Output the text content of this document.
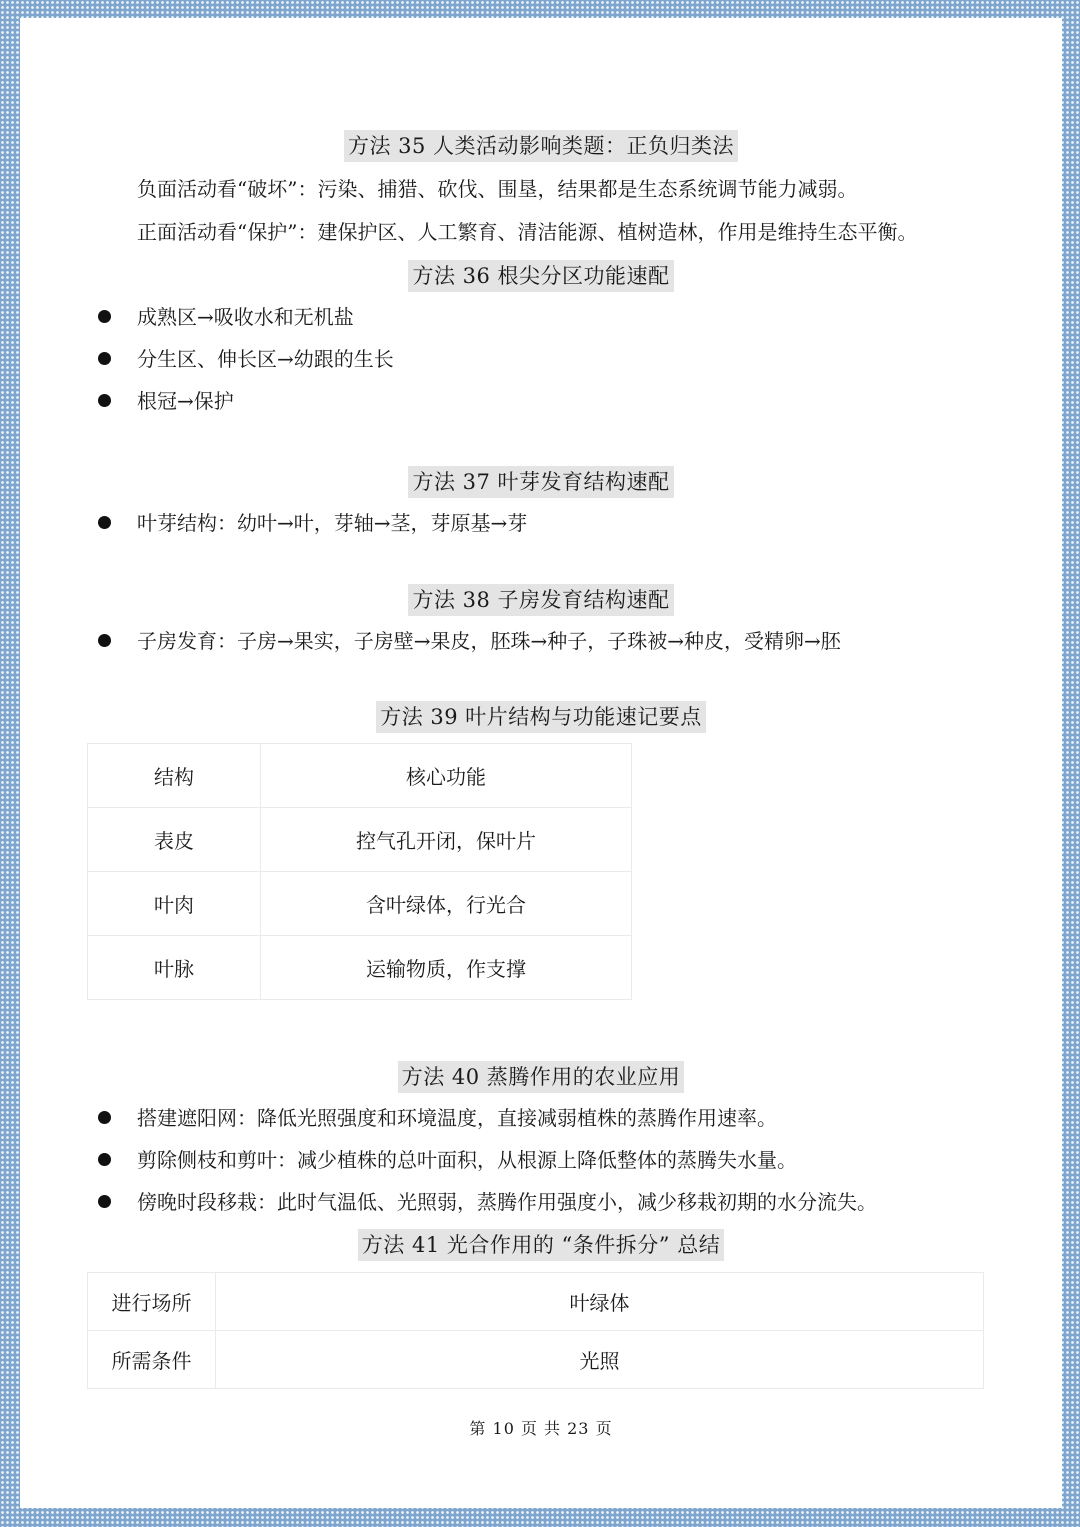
方法 35 人类活动影响类题：正负归类法
负面活动看“破坏”：污染、捕猎、砍伐、围垦，结果都是生态系统调节能力减弱。
正面活动看“保护”：建保护区、人工繁育、清洁能源、植树造林，作用是维持生态平衡。
方法 36 根尖分区功能速配
成熟区→吸收水和无机盐
分生区、伸长区→幼跟的生长
根冠→保护
方法 37 叶芽发育结构速配
叶芽结构：幼叶→叶，芽轴→茎，芽原基→芽
方法 38 子房发育结构速配
子房发育：子房→果实，子房壁→果皮，胚珠→种子，子珠被→种皮，受精卵→胚
方法 39 叶片结构与功能速记要点
结构	核心功能
表皮	控气孔开闭，保叶片
叶肉	含叶绿体，行光合
叶脉	运输物质，作支撑
方法 40 蒸腾作用的农业应用
搭建遮阳网：降低光照强度和环境温度，直接减弱植株的蒸腾作用速率。
剪除侧枝和剪叶：减少植株的总叶面积，从根源上降低整体的蒸腾失水量。
傍晚时段移栽：此时气温低、光照弱，蒸腾作用强度小，减少移栽初期的水分流失。
方法 41 光合作用的 “条件拆分” 总结
进行场所	叶绿体
所需条件	光照
第 10 页 共 23 页
